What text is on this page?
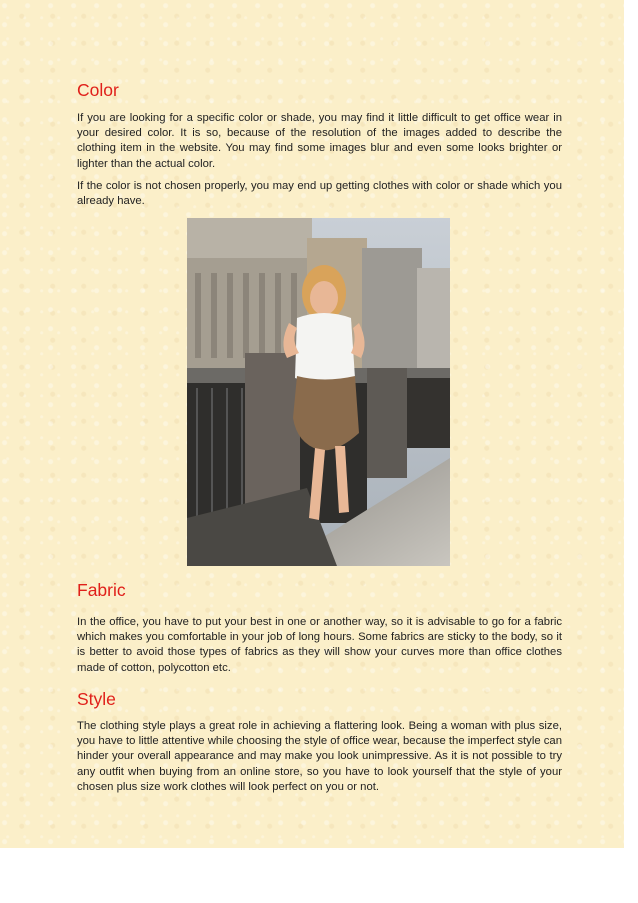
Color

If you are looking for a specific color or shade, you may find it little difficult to get office wear in your desired color. It is so, because of the resolution of the images added to describe the clothing item in the website. You may find some images blur and even some looks brighter or lighter than the actual color.

If the color is not chosen properly, you may end up getting clothes with color or shade which you already have.

Fabric

In the office, you have to put your best in one or another way, so it is advisable to go for a fabric which makes you comfortable in your job of long hours. Some fabrics are sticky to the body, so it is better to avoid those types of fabrics as they will show your curves more than office clothes made of cotton, polycotton etc.

Style

The clothing style plays a great role in achieving a flattering look. Being a woman with plus size, you have to little attentive while choosing the style of office wear, because the imperfect style can hinder your overall appearance and may make you look unimpressive. As it is not possible to try any outfit when buying from an online store, so you have to look yourself that the style of your chosen plus size work clothes will look perfect on you or not.
